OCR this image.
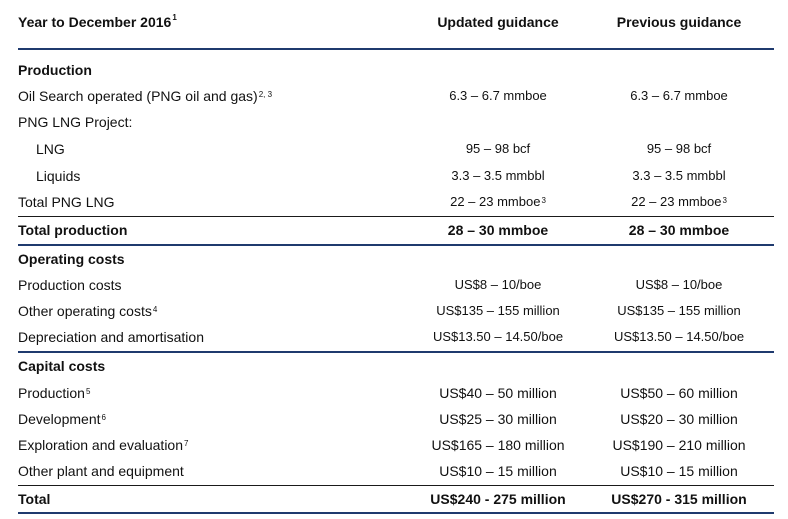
Year to December 2016$^1$	Updated guidance	Previous guidance
Production
Oil Search operated (PNG oil and gas)$^{2, 3}$	6.3 – 6.7 mmboe	6.3 – 6.7 mmboe
PNG LNG Project:
LNG	95 – 98 bcf	95 – 98 bcf
Liquids	3.3 – 3.5 mmbbl	3.3 – 3.5 mmbbl
Total PNG LNG	22 – 23 mmboe$^3$	22 – 23 mmboe$^3$
Total production	28 – 30 mmboe	28 – 30 mmboe
Operating costs
Production costs	US$8 – 10/boe	US$8 – 10/boe
Other operating costs$^4$	US$135 – 155 million	US$135 – 155 million
Depreciation and amortisation	US$13.50 – 14.50/boe	US$13.50 – 14.50/boe
Capital costs
Production$^5$	US$40 – 50 million	US$50 – 60 million
Development$^6$	US$25 – 30 million	US$20 – 30 million
Exploration and evaluation$^7$	US$165 – 180 million	US$190 – 210 million
Other plant and equipment	US$10 – 15 million	US$10 – 15 million
Total	US$240 - 275 million	US$270 - 315 million
